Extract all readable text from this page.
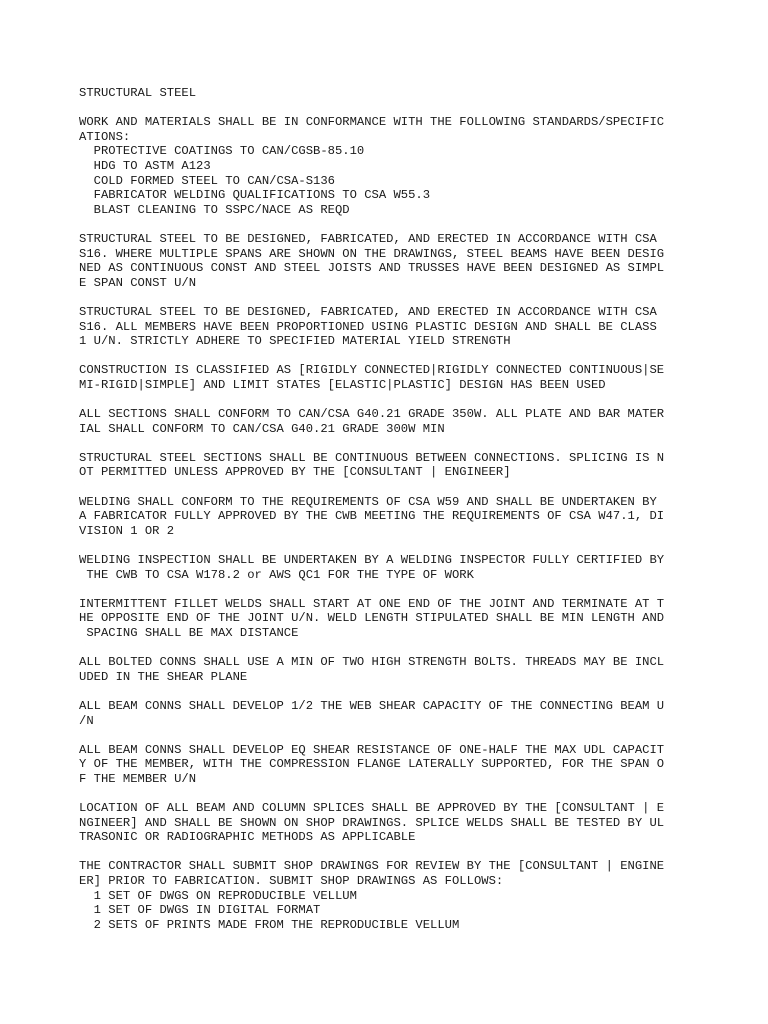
STRUCTURAL STEEL
WORK AND MATERIALS SHALL BE IN CONFORMANCE WITH THE FOLLOWING STANDARDS/SPECIFIC
ATIONS:
PROTECTIVE COATINGS TO CAN/CGSB-85.10
HDG TO ASTM A123
COLD FORMED STEEL TO CAN/CSA-S136
FABRICATOR WELDING QUALIFICATIONS TO CSA W55.3
BLAST CLEANING TO SSPC/NACE AS REQD
STRUCTURAL STEEL TO BE DESIGNED, FABRICATED, AND ERECTED IN ACCORDANCE WITH CSA
S16. WHERE MULTIPLE SPANS ARE SHOWN ON THE DRAWINGS, STEEL BEAMS HAVE BEEN DESIG
NED AS CONTINUOUS CONST AND STEEL JOISTS AND TRUSSES HAVE BEEN DESIGNED AS SIMPL
E SPAN CONST U/N
STRUCTURAL STEEL TO BE DESIGNED, FABRICATED, AND ERECTED IN ACCORDANCE WITH CSA
S16. ALL MEMBERS HAVE BEEN PROPORTIONED USING PLASTIC DESIGN AND SHALL BE CLASS
1 U/N. STRICTLY ADHERE TO SPECIFIED MATERIAL YIELD STRENGTH
CONSTRUCTION IS CLASSIFIED AS [RIGIDLY CONNECTED|RIGIDLY CONNECTED CONTINUOUS|SE
MI-RIGID|SIMPLE] AND LIMIT STATES [ELASTIC|PLASTIC] DESIGN HAS BEEN USED
ALL SECTIONS SHALL CONFORM TO CAN/CSA G40.21 GRADE 350W. ALL PLATE AND BAR MATER
IAL SHALL CONFORM TO CAN/CSA G40.21 GRADE 300W MIN
STRUCTURAL STEEL SECTIONS SHALL BE CONTINUOUS BETWEEN CONNECTIONS. SPLICING IS N
OT PERMITTED UNLESS APPROVED BY THE [CONSULTANT | ENGINEER]
WELDING SHALL CONFORM TO THE REQUIREMENTS OF CSA W59 AND SHALL BE UNDERTAKEN BY
A FABRICATOR FULLY APPROVED BY THE CWB MEETING THE REQUIREMENTS OF CSA W47.1, DI
VISION 1 OR 2
WELDING INSPECTION SHALL BE UNDERTAKEN BY A WELDING INSPECTOR FULLY CERTIFIED BY
THE CWB TO CSA W178.2 or AWS QC1 FOR THE TYPE OF WORK
INTERMITTENT FILLET WELDS SHALL START AT ONE END OF THE JOINT AND TERMINATE AT T
HE OPPOSITE END OF THE JOINT U/N. WELD LENGTH STIPULATED SHALL BE MIN LENGTH AND
SPACING SHALL BE MAX DISTANCE
ALL BOLTED CONNS SHALL USE A MIN OF TWO HIGH STRENGTH BOLTS. THREADS MAY BE INCL
UDED IN THE SHEAR PLANE
ALL BEAM CONNS SHALL DEVELOP 1/2 THE WEB SHEAR CAPACITY OF THE CONNECTING BEAM U
/N
ALL BEAM CONNS SHALL DEVELOP EQ SHEAR RESISTANCE OF ONE-HALF THE MAX UDL CAPACIT
Y OF THE MEMBER, WITH THE COMPRESSION FLANGE LATERALLY SUPPORTED, FOR THE SPAN O
F THE MEMBER U/N
LOCATION OF ALL BEAM AND COLUMN SPLICES SHALL BE APPROVED BY THE [CONSULTANT | E
NGINEER] AND SHALL BE SHOWN ON SHOP DRAWINGS. SPLICE WELDS SHALL BE TESTED BY UL
TRASONIC OR RADIOGRAPHIC METHODS AS APPLICABLE
THE CONTRACTOR SHALL SUBMIT SHOP DRAWINGS FOR REVIEW BY THE [CONSULTANT | ENGINE
ER] PRIOR TO FABRICATION. SUBMIT SHOP DRAWINGS AS FOLLOWS:
1 SET OF DWGS ON REPRODUCIBLE VELLUM
1 SET OF DWGS IN DIGITAL FORMAT
2 SETS OF PRINTS MADE FROM THE REPRODUCIBLE VELLUM
